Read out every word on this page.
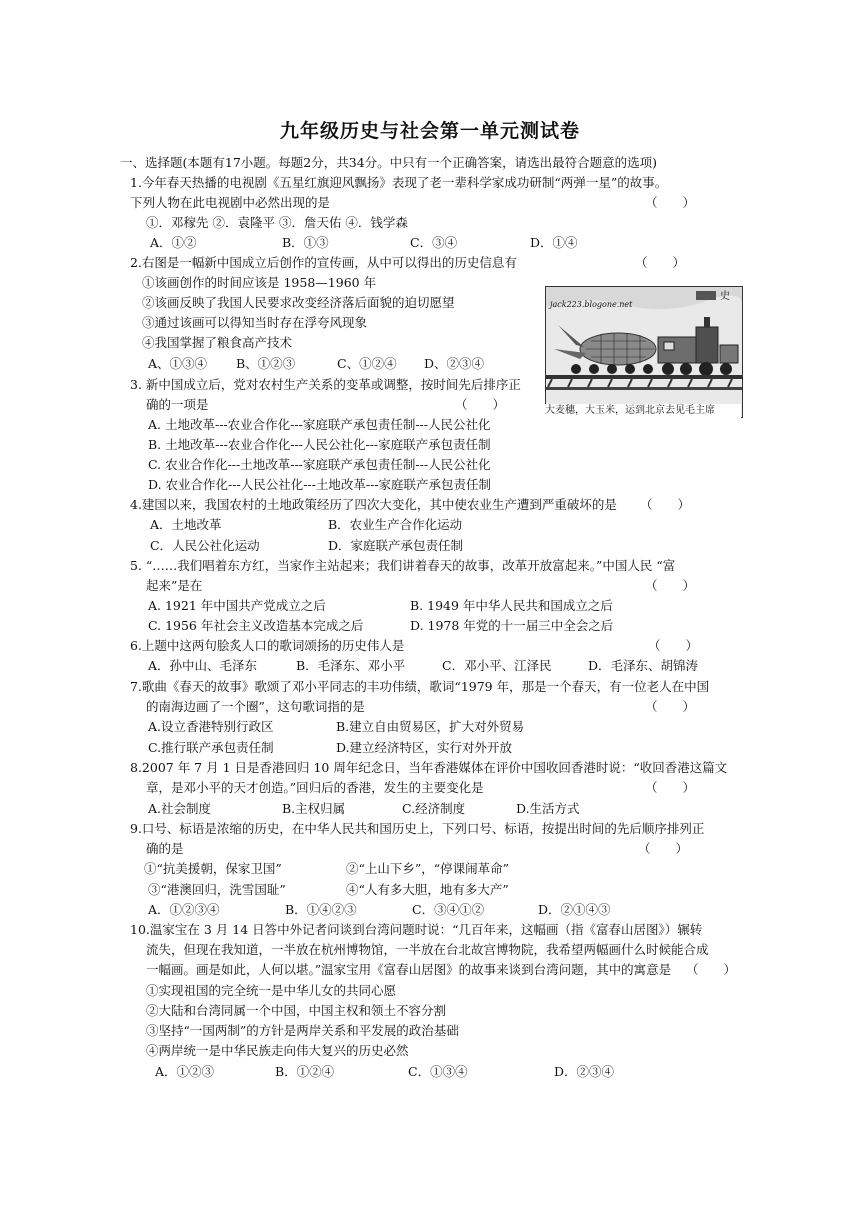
九年级历史与社会第一单元测试卷
一、选择题(本题有17小题。每题2分，共34分。中只有一个正确答案，请选出最符合题意的选项)
1.今年春天热播的电视剧《五星红旗迎风飘扬》表现了老一辈科学家成功研制“两弹一星”的故事。
下列人物在此电视剧中必然出现的是	（　　）
①．邓稼先 ②．袁隆平 ③．詹天佑 ④．钱学森
A．①②	B．①③	C．③④	D．①④
2.右图是一幅新中国成立后创作的宣传画，从中可以得出的历史信息有	（　　）
①该画创作的时间应该是 1958—1960 年
②该画反映了我国人民要求改变经济落后面貌的迫切愿望
③通过该画可以得知当时存在浮夸风现象
④我国掌握了粮食高产技术
A、①③④ B、①②③	C、①②④ D、②③④
史
jack223.blogone.net
大麦穗，大玉米，运到北京去见毛主席
3. 新中国成立后，党对农村生产关系的变革或调整，按时间先后排序正
确的一项是	（　　）
A. 土地改革---农业合作化---家庭联产承包责任制---人民公社化
B. 土地改革---农业合作化---人民公社化---家庭联产承包责任制
C. 农业合作化---土地改革---家庭联产承包责任制---人民公社化
D. 农业合作化---人民公社化---土地改革---家庭联产承包责任制
4.建国以来，我国农村的土地政策经历了四次大变化，其中使农业生产遭到严重破坏的是 （　　）
A．土地改革	B．农业生产合作化运动
C．人民公社化运动	D．家庭联产承包责任制
5. “……我们唱着东方红，当家作主站起来；我们讲着春天的故事，改革开放富起来。”中国人民 “富
起来”是在	（　　）
A. 1921 年中国共产党成立之后	B. 1949 年中华人民共和国成立之后
C. 1956 年社会主义改造基本完成之后	D. 1978 年党的十一届三中全会之后
6.上题中这两句脍炙人口的歌词颂扬的历史伟人是	（　　）
A．孙中山、毛泽东	B．毛泽东、邓小平	C．邓小平、江泽民	D．毛泽东、胡锦涛
7.歌曲《春天的故事》歌颂了邓小平同志的丰功伟绩，歌词“1979 年，那是一个春天，有一位老人在中国
的南海边画了一个圈”，这句歌词指的是	（　　）
A.设立香港特别行政区	B.建立自由贸易区，扩大对外贸易
C.推行联产承包责任制	D.建立经济特区，实行对外开放
8.2007 年 7 月 1 日是香港回归 10 周年纪念日，当年香港媒体在评价中国收回香港时说：“收回香港这篇文
章，是邓小平的天才创造。”回归后的香港，发生的主要变化是	（　　）
A.社会制度	B.主权归属	C.经济制度	D.生活方式
9.口号、标语是浓缩的历史，在中华人民共和国历史上，下列口号、标语，按提出时间的先后顺序排列正
确的是	（　　）
①“抗美援朝，保家卫国”	②“上山下乡”，“停课闹革命”
③“港澳回归，洗雪国耻”	④“人有多大胆，地有多大产”
A．①②③④	B．①④②③	C．③④①②	D．②①④③
10.温家宝在 3 月 14 日答中外记者问谈到台湾问题时说：“几百年来，这幅画（指《富春山居图》）辗转
流失，但现在我知道，一半放在杭州博物馆，一半放在台北故宫博物院，我希望两幅画什么时候能合成
一幅画。画是如此，人何以堪。”温家宝用《富春山居图》的故事来谈到台湾问题，其中的寓意是 （　　）
①实现祖国的完全统一是中华儿女的共同心愿
②大陆和台湾同属一个中国，中国主权和领土不容分割
③坚持“一国两制”的方针是两岸关系和平发展的政治基础
④两岸统一是中华民族走向伟大复兴的历史必然
A．①②③	B．①②④	C．①③④	D．②③④
